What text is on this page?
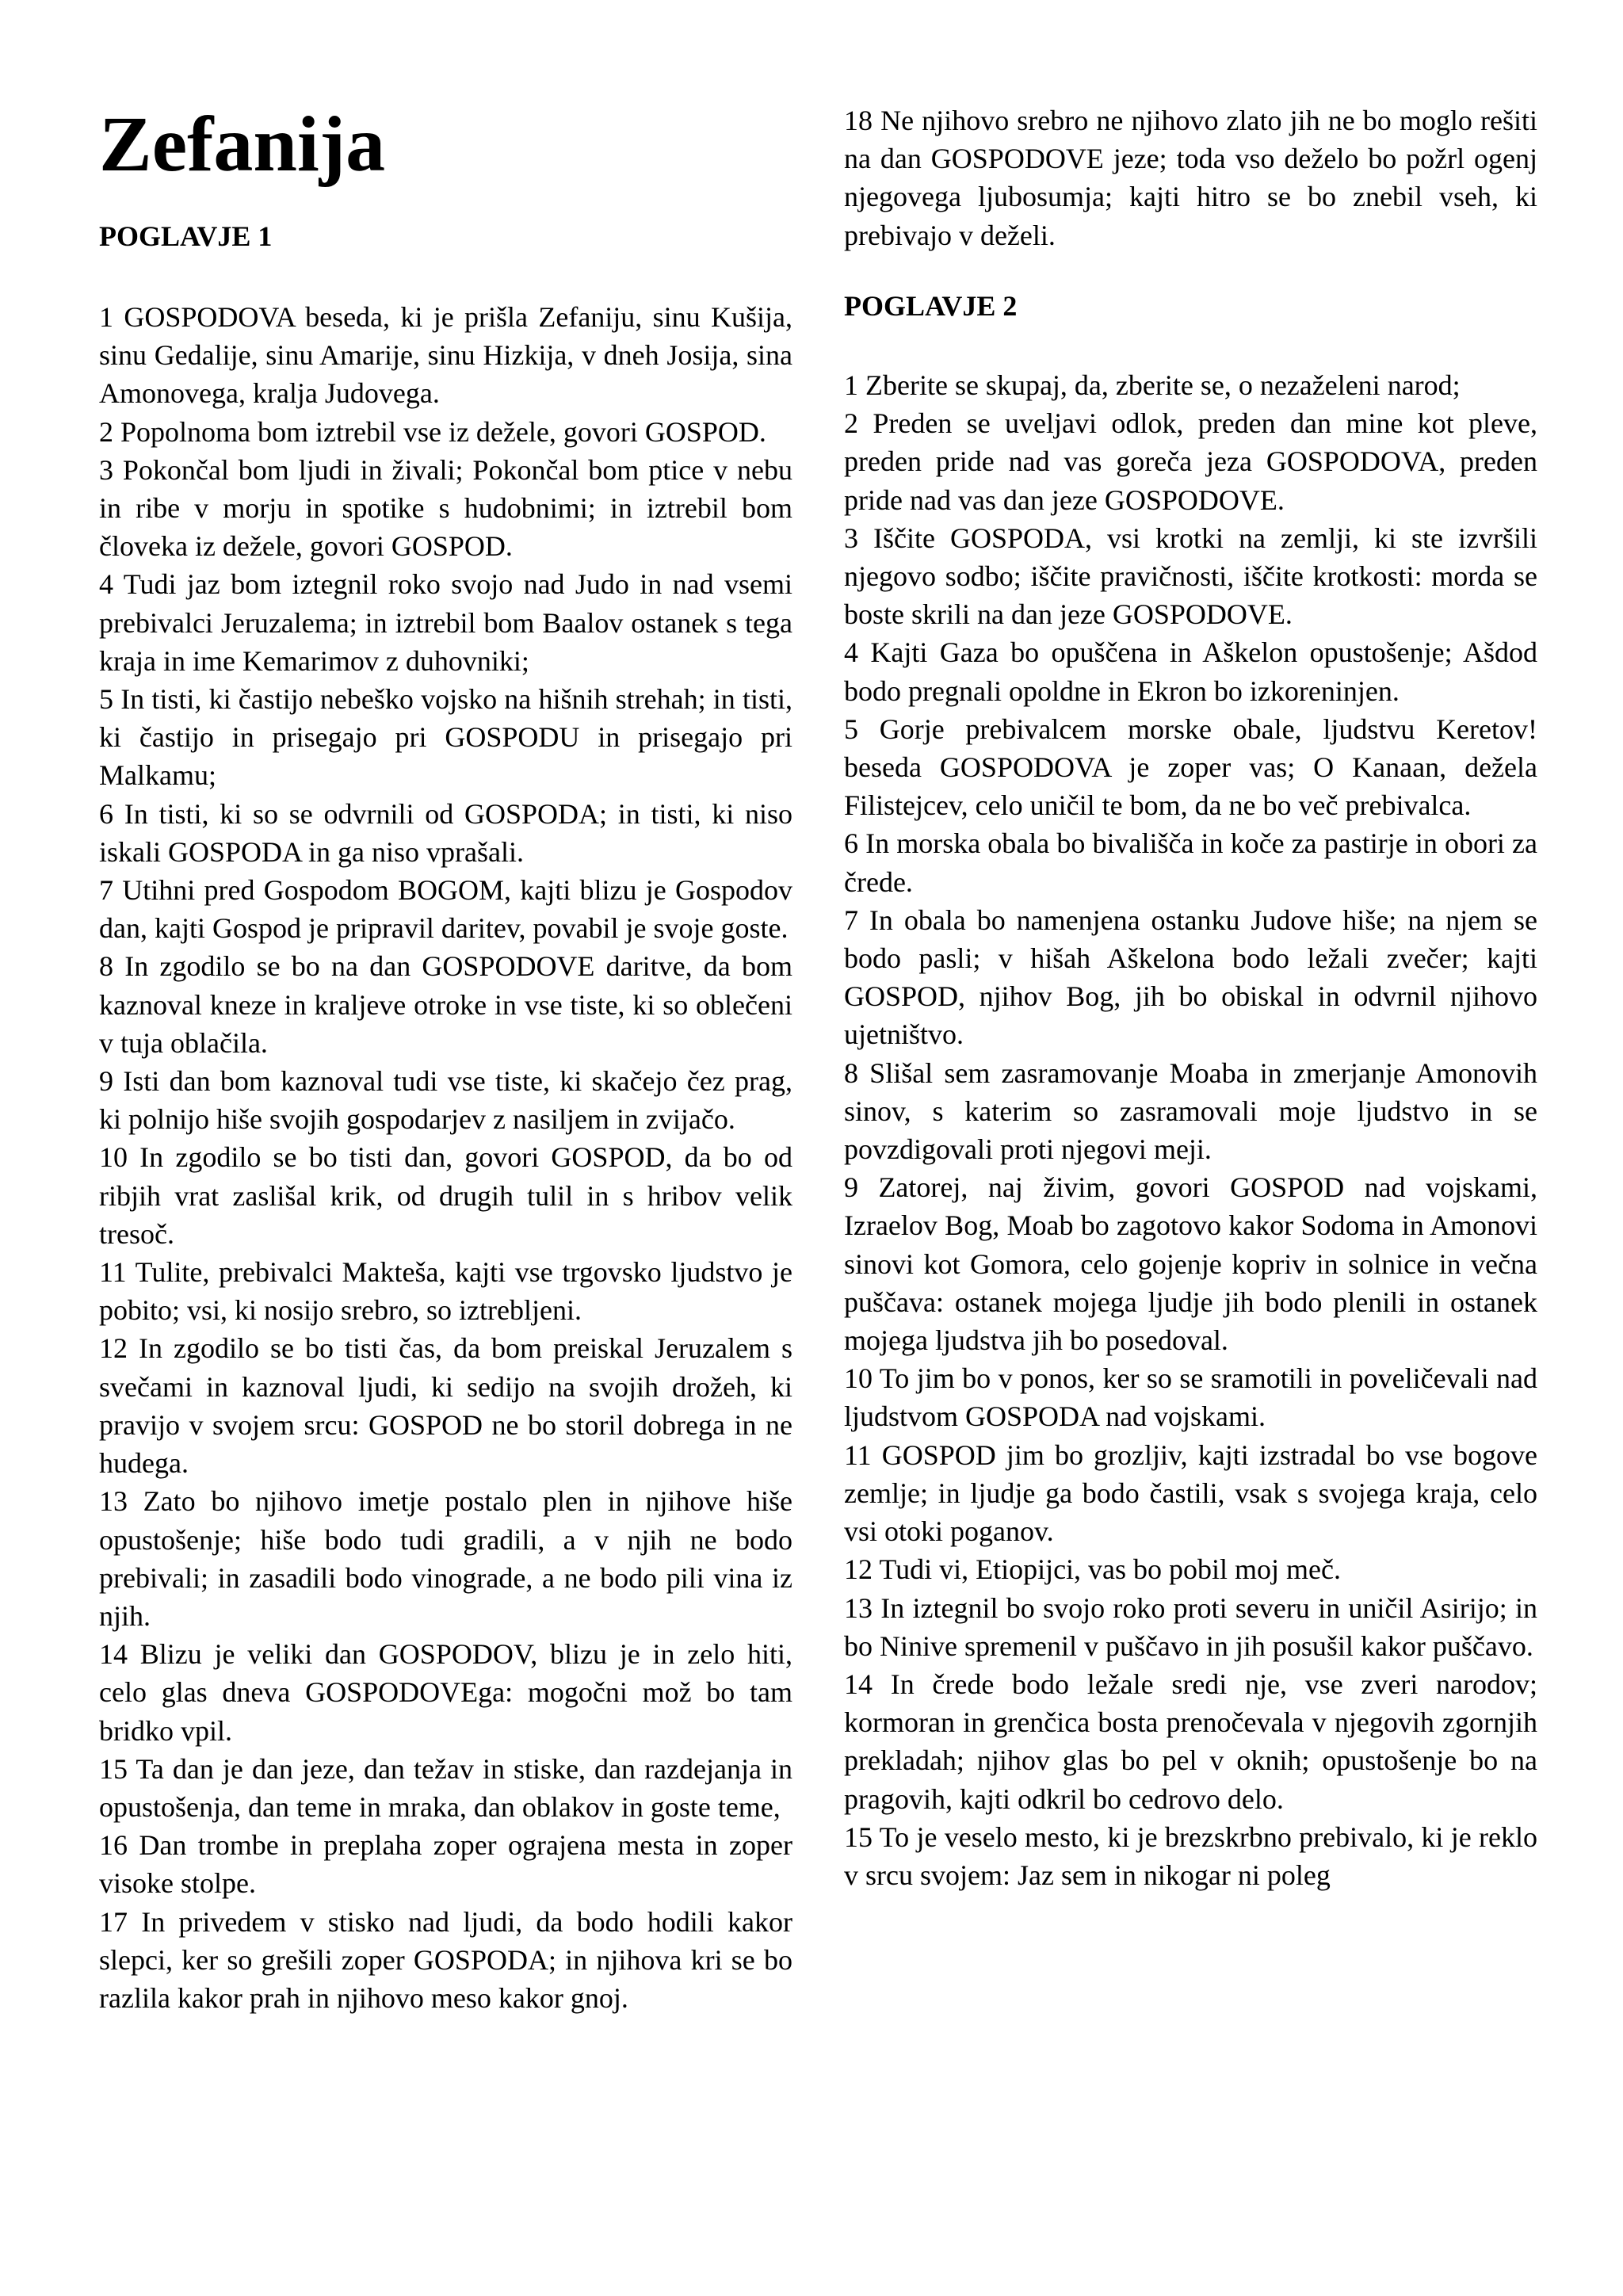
Zefanija
POGLAVJE 1

1 GOSPODOVA beseda, ki je prišla Zefaniju, sinu Kušija, sinu Gedalije, sinu Amarije, sinu Hizkija, v dneh Josija, sina Amonovega, kralja Judovega.

2 Popolnoma bom iztrebil vse iz dežele, govori GOSPOD.

3 Pokončal bom ljudi in živali; Pokončal bom ptice v nebu in ribe v morju in spotike s hudobnimi; in iztrebil bom človeka iz dežele, govori GOSPOD.

4 Tudi jaz bom iztegnil roko svojo nad Judo in nad vsemi prebivalci Jeruzalema; in iztrebil bom Baalov ostanek s tega kraja in ime Kemarimov z duhovniki;

5 In tisti, ki častijo nebeško vojsko na hišnih strehah; in tisti, ki častijo in prisegajo pri GOSPODU in prisegajo pri Malkamu;

6 In tisti, ki so se odvrnili od GOSPODA; in tisti, ki niso iskali GOSPODA in ga niso vprašali.

7 Utihni pred Gospodom BOGOM, kajti blizu je Gospodov dan, kajti Gospod je pripravil daritev, povabil je svoje goste.

8 In zgodilo se bo na dan GOSPODOVE daritve, da bom kaznoval kneze in kraljeve otroke in vse tiste, ki so oblečeni v tuja oblačila.

9 Isti dan bom kaznoval tudi vse tiste, ki skačejo čez prag, ki polnijo hiše svojih gospodarjev z nasiljem in zvijačo.

10 In zgodilo se bo tisti dan, govori GOSPOD, da bo od ribjih vrat zaslišal krik, od drugih tulil in s hribov velik tresoč.

11 Tulite, prebivalci Makteša, kajti vse trgovsko ljudstvo je pobito; vsi, ki nosijo srebro, so iztrebljeni.

12 In zgodilo se bo tisti čas, da bom preiskal Jeruzalem s svečami in kaznoval ljudi, ki sedijo na svojih drožeh, ki pravijo v svojem srcu: GOSPOD ne bo storil dobrega in ne hudega.

13 Zato bo njihovo imetje postalo plen in njihove hiše opustošenje; hiše bodo tudi gradili, a v njih ne bodo prebivali; in zasadili bodo vinograde, a ne bodo pili vina iz njih.

14 Blizu je veliki dan GOSPODOV, blizu je in zelo hiti, celo glas dneva GOSPODOVEga: mogočni mož bo tam bridko vpil.

15 Ta dan je dan jeze, dan težav in stiske, dan razdejanja in opustošenja, dan teme in mraka, dan oblakov in goste teme,

16 Dan trombe in preplaha zoper ograjena mesta in zoper visoke stolpe.

17 In privedem v stisko nad ljudi, da bodo hodili kakor slepci, ker so grešili zoper GOSPODA; in njihova kri se bo razlila kakor prah in njihovo meso kakor gnoj.

18 Ne njihovo srebro ne njihovo zlato jih ne bo moglo rešiti na dan GOSPODOVE jeze; toda vso deželo bo požrl ogenj njegovega ljubosumja; kajti hitro se bo znebil vseh, ki prebivajo v deželi.

POGLAVJE 2

1 Zberite se skupaj, da, zberite se, o nezaželeni narod;

2 Preden se uveljavi odlok, preden dan mine kot pleve, preden pride nad vas goreča jeza GOSPODOVA, preden pride nad vas dan jeze GOSPODOVE.

3 Iščite GOSPODA, vsi krotki na zemlji, ki ste izvršili njegovo sodbo; iščite pravičnosti, iščite krotkosti: morda se boste skrili na dan jeze GOSPODOVE.

4 Kajti Gaza bo opuščena in Aškelon opustošenje; Ašdod bodo pregnali opoldne in Ekron bo izkoreninjen.

5 Gorje prebivalcem morske obale, ljudstvu Keretov! beseda GOSPODOVA je zoper vas; O Kanaan, dežela Filistejcev, celo uničil te bom, da ne bo več prebivalca.

6 In morska obala bo bivališča in koče za pastirje in obori za črede.

7 In obala bo namenjena ostanku Judove hiše; na njem se bodo pasli; v hišah Aškelona bodo ležali zvečer; kajti GOSPOD, njihov Bog, jih bo obiskal in odvrnil njihovo ujetništvo.

8 Slišal sem zasramovanje Moaba in zmerjanje Amonovih sinov, s katerim so zasramovali moje ljudstvo in se povzdigovali proti njegovi meji.

9 Zatorej, naj živim, govori GOSPOD nad vojskami, Izraelov Bog, Moab bo zagotovo kakor Sodoma in Amonovi sinovi kot Gomora, celo gojenje kopriv in solnice in večna puščava: ostanek mojega ljudje jih bodo plenili in ostanek mojega ljudstva jih bo posedoval.

10 To jim bo v ponos, ker so se sramotili in poveličevali nad ljudstvom GOSPODA nad vojskami.

11 GOSPOD jim bo grozljiv, kajti izstradal bo vse bogove zemlje; in ljudje ga bodo častili, vsak s svojega kraja, celo vsi otoki poganov.

12 Tudi vi, Etiopijci, vas bo pobil moj meč.

13 In iztegnil bo svojo roko proti severu in uničil Asirijo; in bo Ninive spremenil v puščavo in jih posušil kakor puščavo.

14 In črede bodo ležale sredi nje, vse zveri narodov; kormoran in grenčica bosta prenočevala v njegovih zgornjih prekladah; njihov glas bo pel v oknih; opustošenje bo na pragovih, kajti odkril bo cedrovo delo.

15 To je veselo mesto, ki je brezskrbno prebivalo, ki je reklo v srcu svojem: Jaz sem in nikogar ni poleg
